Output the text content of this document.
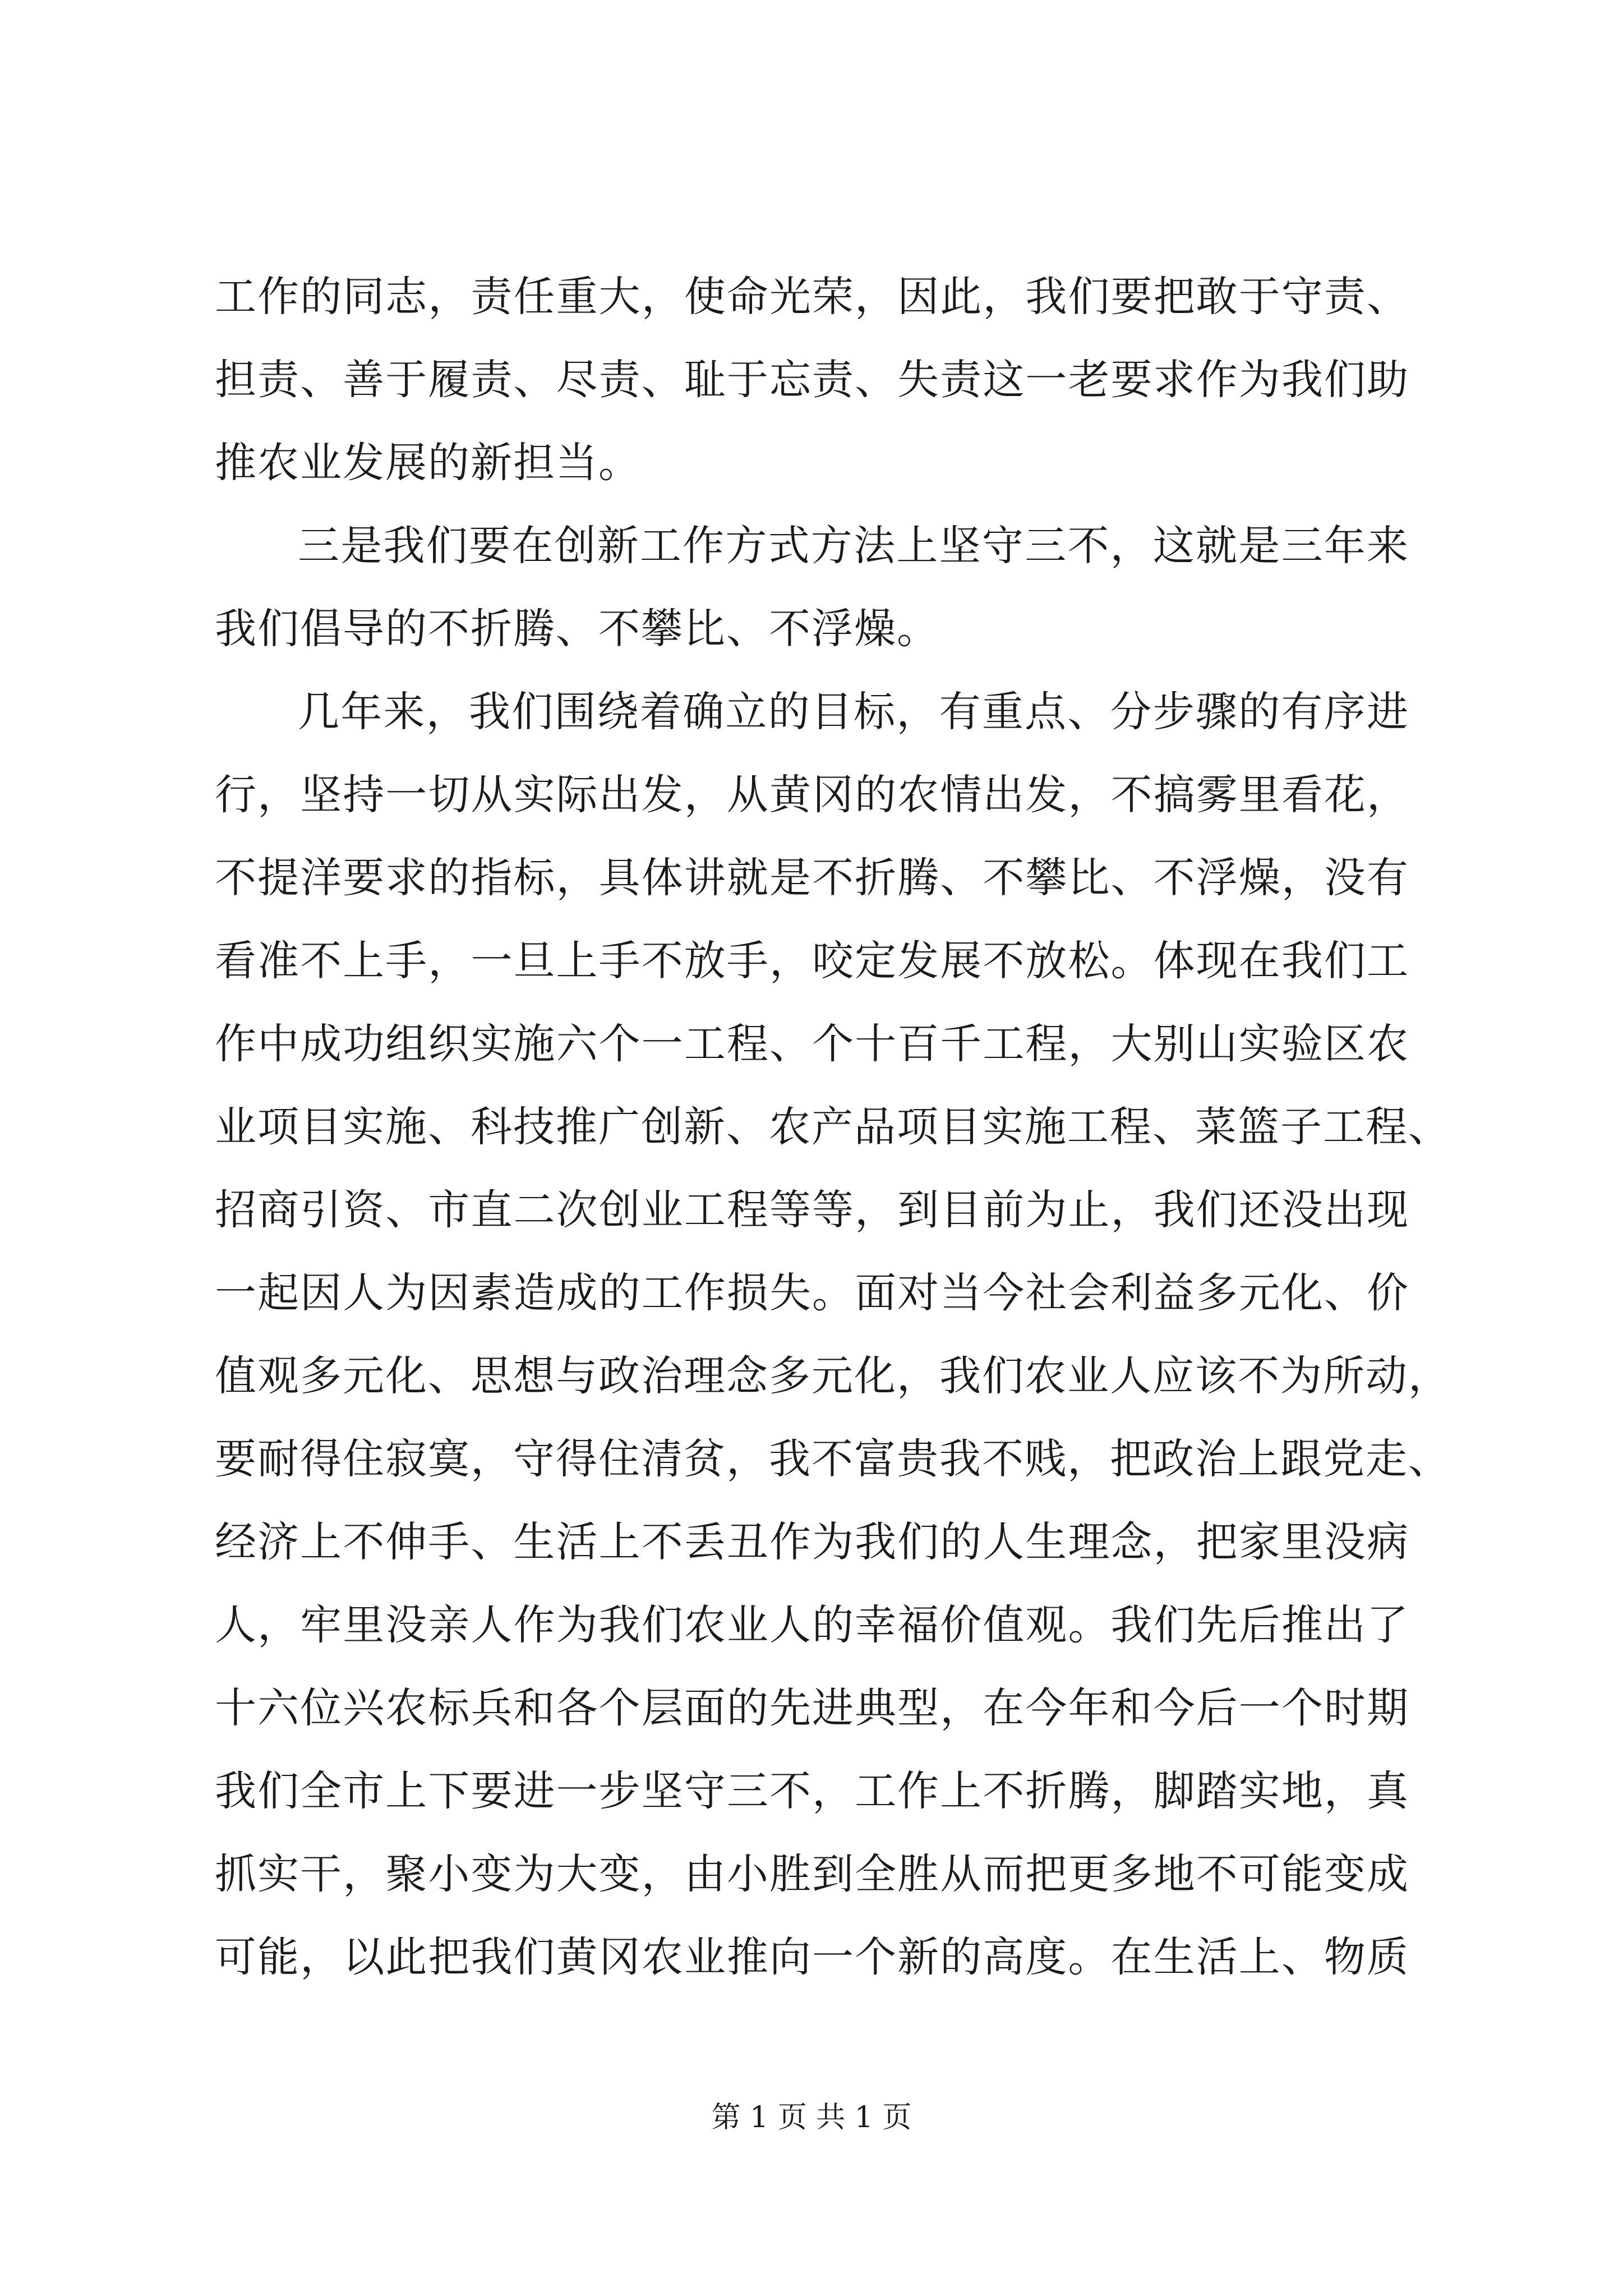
工作的同志，责任重大，使命光荣，因此，我们要把敢于守责、
担责、善于履责、尽责、耻于忘责、失责这一老要求作为我们助
推农业发展的新担当。
三是我们要在创新工作方式方法上坚守三不，这就是三年来
我们倡导的不折腾、不攀比、不浮燥。
几年来，我们围绕着确立的目标，有重点、分步骤的有序进
行，坚持一切从实际出发，从黄冈的农情出发，不搞雾里看花，
不提洋要求的指标，具体讲就是不折腾、不攀比、不浮燥，没有
看准不上手，一旦上手不放手，咬定发展不放松。体现在我们工
作中成功组织实施六个一工程、个十百千工程，大别山实验区农
业项目实施、科技推广创新、农产品项目实施工程、菜篮子工程、
招商引资、市直二次创业工程等等，到目前为止，我们还没出现
一起因人为因素造成的工作损失。面对当今社会利益多元化、价
值观多元化、思想与政治理念多元化，我们农业人应该不为所动，
要耐得住寂寞，守得住清贫，我不富贵我不贱，把政治上跟党走、
经济上不伸手、生活上不丢丑作为我们的人生理念，把家里没病
人，牢里没亲人作为我们农业人的幸福价值观。我们先后推出了
十六位兴农标兵和各个层面的先进典型，在今年和今后一个时期
我们全市上下要进一步坚守三不，工作上不折腾，脚踏实地，真
抓实干，聚小变为大变，由小胜到全胜从而把更多地不可能变成
可能，以此把我们黄冈农业推向一个新的高度。在生活上、物质
第 1 页 共 1 页
